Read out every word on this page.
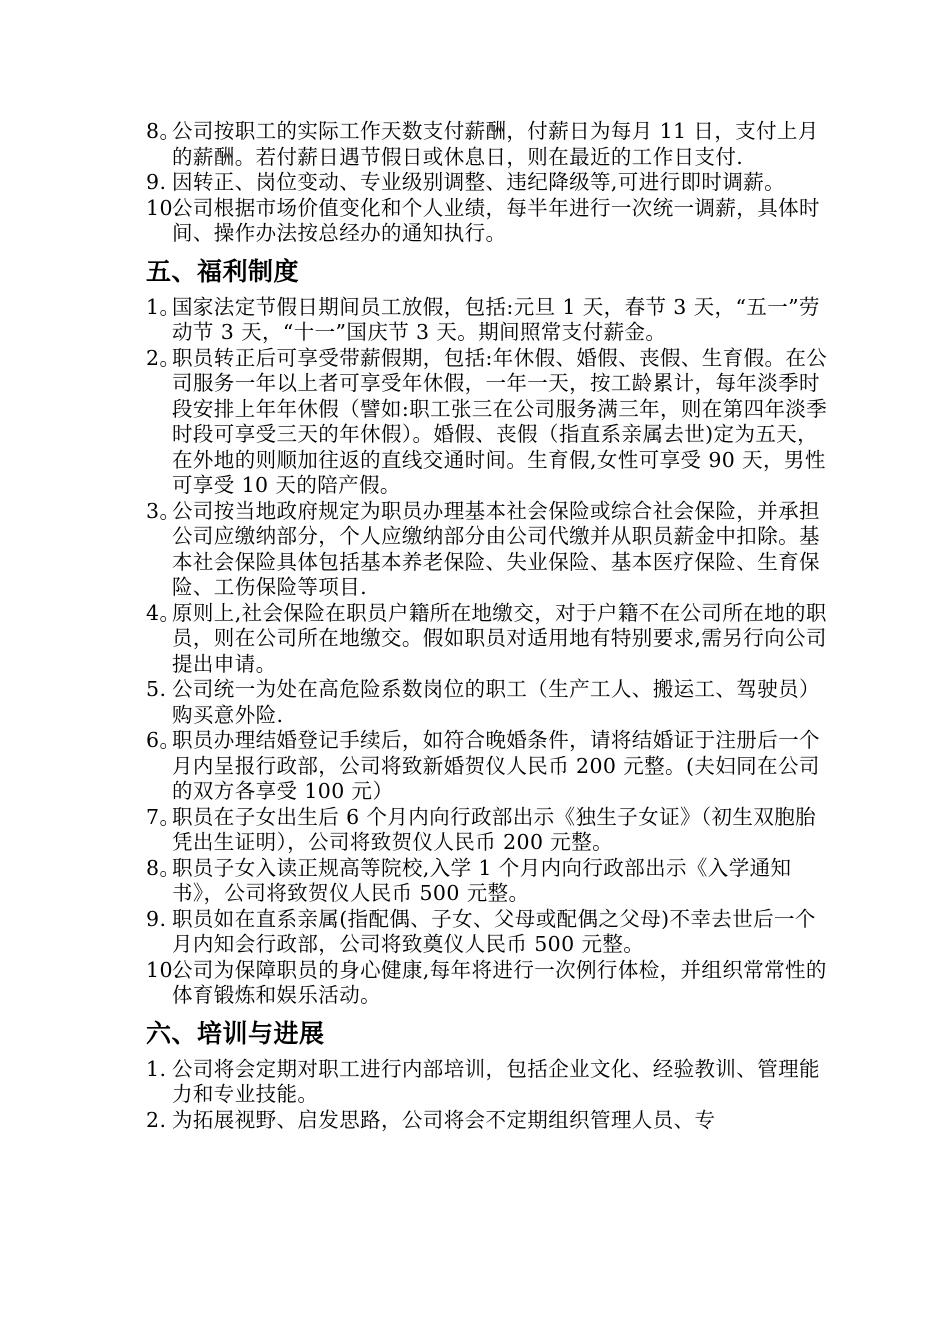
8。
公司按职工的实际工作天数支付薪酬，付薪日为每月 11 日，支付上月的薪酬。若付薪日遇节假日或休息日，则在最近的工作日支付.

9. 因转正、岗位变动、专业级别调整、违纪降级等,可进行即时调薪。

10.
公司根据市场价值变化和个人业绩，每半年进行一次统一调薪，具体时间、操作办法按总经办的通知执行。

五、福利制度

1。
国家法定节假日期间员工放假，包括:元旦 1 天，春节 3 天，“五一”劳动节 3 天，“十一”国庆节 3 天。期间照常支付薪金。

2。
职员转正后可享受带薪假期，包括:年休假、婚假、丧假、生育假。在公司服务一年以上者可享受年休假，一年一天，按工龄累计，每年淡季时段安排上年年休假（譬如:职工张三在公司服务满三年，则在第四年淡季时段可享受三天的年休假）。婚假、丧假（指直系亲属去世)定为五天，在外地的则顺加往返的直线交通时间。生育假,女性可享受 90 天，男性可享受 10 天的陪产假。

3。
公司按当地政府规定为职员办理基本社会保险或综合社会保险，并承担公司应缴纳部分，个人应缴纳部分由公司代缴并从职员薪金中扣除。基本社会保险具体包括基本养老保险、失业保险、基本医疗保险、生育保险、工伤保险等项目.

4。
原则上,社会保险在职员户籍所在地缴交，对于户籍不在公司所在地的职员，则在公司所在地缴交。假如职员对适用地有特别要求,需另行向公司提出申请。

5. 公司统一为处在高危险系数岗位的职工（生产工人、搬运工、驾驶员）购买意外险.

6。
职员办理结婚登记手续后，如符合晚婚条件，请将结婚证于注册后一个月内呈报行政部，公司将致新婚贺仪人民币 200 元整。(夫妇同在公司的双方各享受 100 元）

7。
职员在子女出生后 6 个月内向行政部出示《独生子女证》（初生双胞胎凭出生证明），公司将致贺仪人民币 200 元整。

8。
职员子女入读正规高等院校,入学 1 个月内向行政部出示《入学通知书》，公司将致贺仪人民币 500 元整。

9. 职员如在直系亲属(指配偶、子女、父母或配偶之父母)不幸去世后一个月内知会行政部，公司将致奠仪人民币 500 元整。

10.
公司为保障职员的身心健康,每年将进行一次例行体检，并组织常常性的体育锻炼和娱乐活动。

六、培训与进展

1. 公司将会定期对职工进行内部培训，包括企业文化、经验教训、管理能力和专业技能。

2. 为拓展视野、启发思路，公司将会不定期组织管理人员、专
